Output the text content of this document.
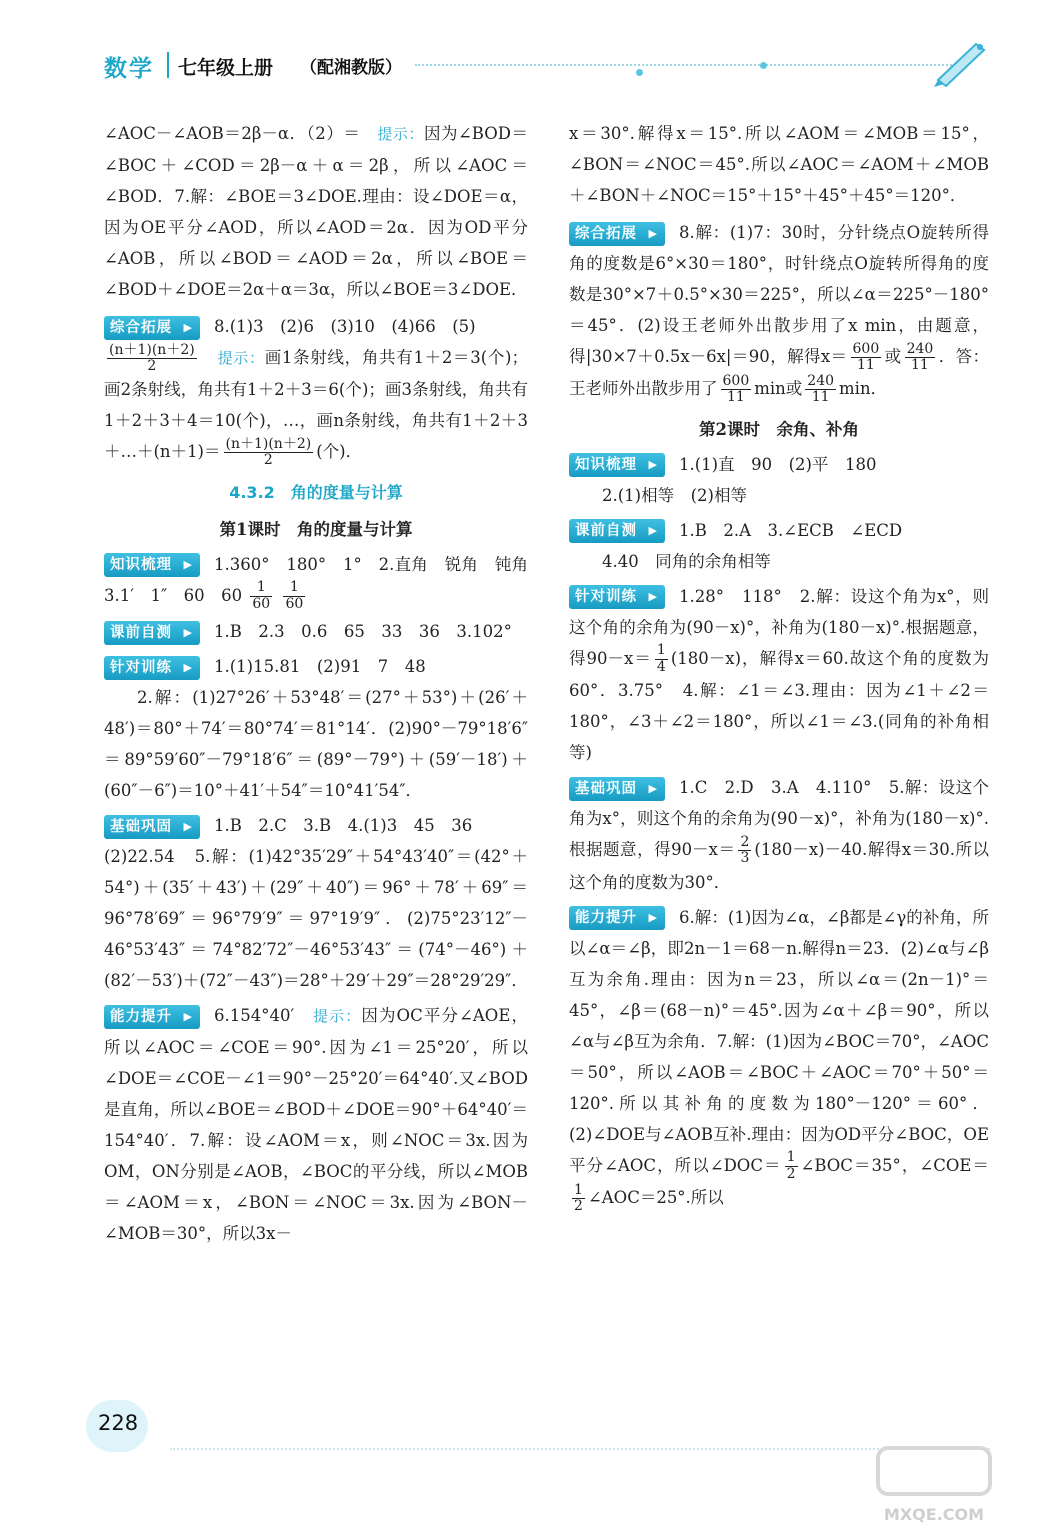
数学 七年级上册 （配湘教版）

∠AOC－∠AOB＝2β－α．（2）＝　 提示：因为∠BOD＝∠BOC＋∠COD＝2β－α＋α＝2β，所以∠AOC＝∠BOD．7.解：∠BOE＝3∠DOE.理由：设∠DOE＝α，因为OE平分∠AOD，所以∠AOD＝2α．因为OD平分∠AOB，所以∠BOD＝∠AOD＝2α，所以∠BOE＝∠BOD＋∠DOE＝2α＋α＝3α，所以∠BOE＝3∠DOE．

综合拓展 ▶	8.(1)3　(2)6　(3)10　(4)66　(5)

$\frac{(n+1)(n+2)}{2}$
　 提示：画1条射线，角共有1＋2＝3(个)；画2条射线，角共有1＋2＋3＝6(个)；画3条射线，角共有1＋2＋3＋4＝10(个)，…，画n条射线，角共有1＋2＋3＋…＋(n＋1)＝ $\frac{(n+1)(n+2)}{2}$ (个)．

4.3.2　角的度量与计算
第1课时　角的度量与计算

知识梳理 ▶	1.360°　180°　1°　2.直角　锐角　钝角　3.1′　1″　60　$60 \frac{1}{60}$
$\frac{1}{60}$

课前自测 ▶	1.B　2.3　0.6　65　33　36　3.102°

针对训练 ▶	1.(1)15.81　(2)91　7　48

2.解：(1)27°26′＋53°48′＝(27°＋53°)＋(26′＋48′)＝80°＋74′＝80°74′＝81°14′．(2)90°－79°18′6″＝89°59′60″－79°18′6″＝(89°－79°)＋(59′－18′)＋(60″－6″)＝10°＋41′＋54″＝10°41′54″．

基础巩固 ▶	1.B　2.C　3.B　4.(1)3　45　36

(2)22.54　5.解：(1)42°35′29″＋54°43′40″＝(42°＋54°)＋(35′＋43′)＋(29″＋40″)＝96°＋78′＋69″＝96°78′69″＝96°79′9″＝97°19′9″．(2)75°23′12″－46°53′43″＝74°82′72″－46°53′43″＝(74°－46°)＋(82′－53′)＋(72″－43″)＝28°＋29′＋29″＝28°29′29″．

能力提升 ▶	6.154°40′　 提示：因为OC平分∠AOE，所以∠AOC＝∠COE＝90°.因为∠1＝25°20′，所以∠DOE＝∠COE－∠1＝90°－25°20′＝64°40′.又∠BOD是直角，所以∠BOE＝∠BOD＋∠DOE＝90°＋64°40′＝154°40′．7.解：设∠AOM＝x，则∠NOC＝3x.因为OM，ON分别是∠AOB，∠BOC的平分线，所以∠MOB＝∠AOM＝x，∠BON＝∠NOC＝3x.因为∠BON－∠MOB＝30°，所以3x－

x＝30°.解得x＝15°.所以∠AOM＝∠MOB＝15°，∠BON＝∠NOC＝45°.所以∠AOC＝∠AOM＋∠MOB＋∠BON＋∠NOC＝15°＋15°＋45°＋45°＝120°．

综合拓展 ▶	8.解：(1)7：30时，分针绕点O旋转所得角的度数是6°×30＝180°，时针绕点O旋转所得角的度数是30°×7＋0.5°×30＝225°，所以∠α＝225°－180°＝45°．(2)设王老师外出散步用了x min，由题意，得|30×7＋0.5x－6x|＝90，解得$x= \frac{600}{11}$ 或 $\frac{240}{11}$ ．答：王老师外出散步用了 $\frac{600}{11}$ min或 $\frac{240}{11}$ min．

第2课时　余角、补角

知识梳理 ▶	1.(1)直　90　(2)平　180

2.(1)相等　(2)相等

课前自测 ▶	1.B　2.A　3.∠ECB　∠ECD

4.40　同角的余角相等

针对训练 ▶	1.28°　118°　2.解：设这个角为x°，则这个角的余角为(90－x)°，补角为(180－x)°.根据题意，得$90-x= \frac{1}{4} (180-x)$，解得x＝60.故这个角的度数为60°．3.75°　4.解：∠1＝∠3.理由：因为∠1＋∠2＝180°，∠3＋∠2＝180°，所以∠1＝∠3.(同角的补角相等)

基础巩固 ▶	1.C　2.D　3.A　4.110°　5.解：设这个角为x°，则这个角的余角为(90－x)°，补角为(180－x)°.根据题意，得$90-x= \frac{2}{3} (180-x)-40$.解得x＝30.所以这个角的度数为30°．

能力提升 ▶	6.解：(1)因为∠α，∠β都是∠γ的补角，所以∠α＝∠β，即2n－1＝68－n.解得n＝23．(2)∠α与∠β互为余角.理由：因为n＝23，所以∠α＝(2n－1)°＝45°，∠β＝(68－n)°＝45°.因为∠α＋∠β＝90°，所以∠α与∠β互为余角．7.解：(1)因为∠BOC＝70°，∠AOC＝50°，所以∠AOB＝∠BOC＋∠AOC＝70°＋50°＝120°.所以其补角的度数为180°－120°＝60°．(2)∠DOE与∠AOB互补.理由：因为OD平分∠BOC，OE平分∠AOC，所以∠DOC＝ $\frac{1}{2}$ ∠BOC＝35°，∠COE＝
$\frac{1}{2}$ ∠AOC＝25°.所以

228
MXQE.COM
